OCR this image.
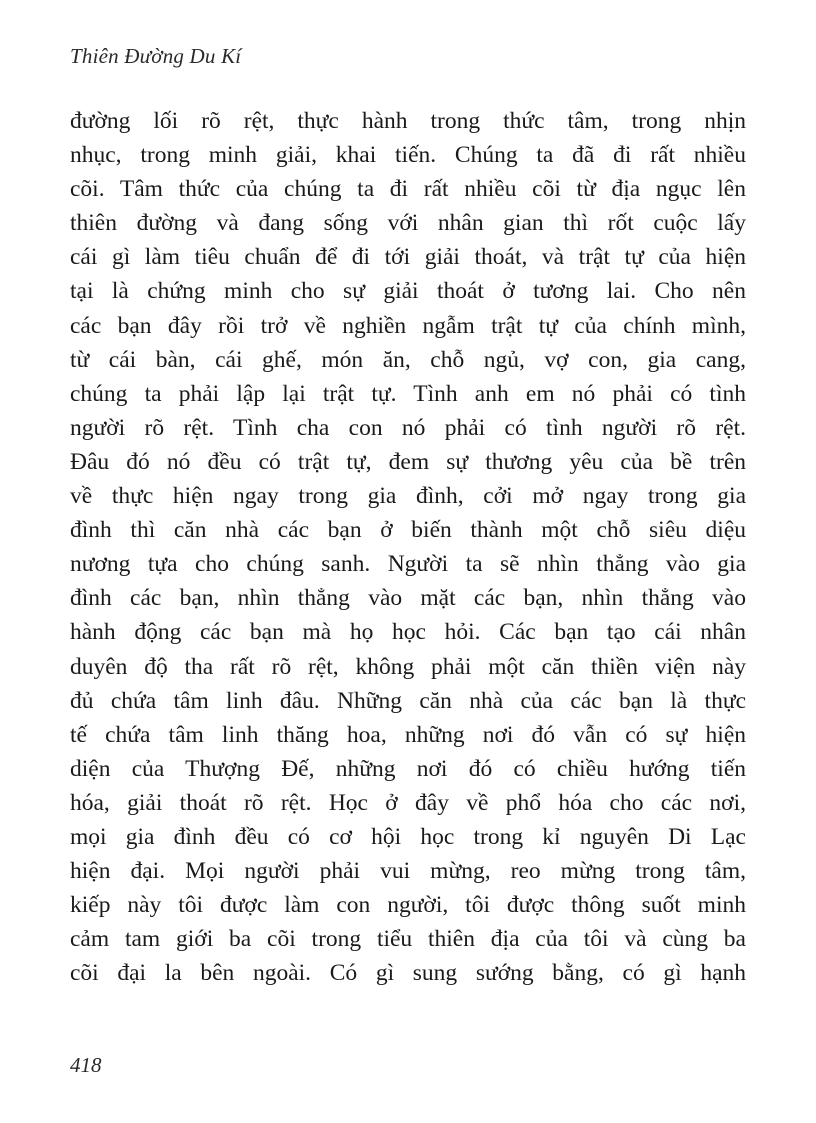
Thiên Đường Du Kí
đường lối rõ rệt, thực hành trong thức tâm, trong nhịn
nhục, trong minh giải, khai tiến. Chúng ta đã đi rất nhiều
cõi. Tâm thức của chúng ta đi rất nhiều cõi từ địa ngục lên
thiên đường và đang sống với nhân gian thì rốt cuộc lấy
cái gì làm tiêu chuẩn để đi tới giải thoát, và trật tự của hiện
tại là chứng minh cho sự giải thoát ở tương lai. Cho nên
các bạn đây rồi trở về nghiền ngẫm trật tự của chính mình,
từ cái bàn, cái ghế, món ăn, chỗ ngủ, vợ con, gia cang,
chúng ta phải lập lại trật tự. Tình anh em nó phải có tình
người rõ rệt. Tình cha con nó phải có tình người rõ rệt.
Đâu đó nó đều có trật tự, đem sự thương yêu của bề trên
về thực hiện ngay trong gia đình, cởi mở ngay trong gia
đình thì căn nhà các bạn ở biến thành một chỗ siêu diệu
nương tựa cho chúng sanh. Người ta sẽ nhìn thẳng vào gia
đình các bạn, nhìn thẳng vào mặt các bạn, nhìn thẳng vào
hành động các bạn mà họ học hỏi. Các bạn tạo cái nhân
duyên độ tha rất rõ rệt, không phải một căn thiền viện này
đủ chứa tâm linh đâu. Những căn nhà của các bạn là thực
tế chứa tâm linh thăng hoa, những nơi đó vẫn có sự hiện
diện của Thượng Đế, những nơi đó có chiều hướng tiến
hóa, giải thoát rõ rệt. Học ở đây về phổ hóa cho các nơi,
mọi gia đình đều có cơ hội học trong kỉ nguyên Di Lạc
hiện đại. Mọi người phải vui mừng, reo mừng trong tâm,
kiếp này tôi được làm con người, tôi được thông suốt minh
cảm tam giới ba cõi trong tiểu thiên địa của tôi và cùng ba
cõi đại la bên ngoài. Có gì sung sướng bằng, có gì hạnh
418
